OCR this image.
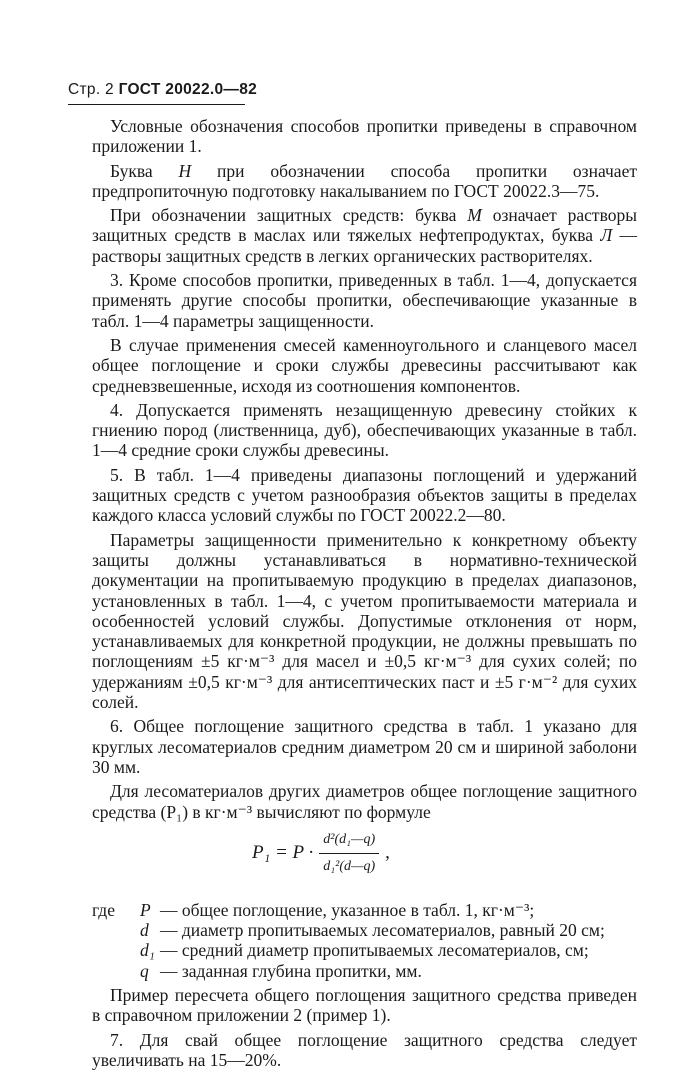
Стр. 2 ГОСТ 20022.0—82

Условные обозначения способов пропитки приведены в справочном приложении 1.

Буква Н при обозначении способа пропитки означает предпропиточную подготовку накалыванием по ГОСТ 20022.3—75.

При обозначении защитных средств: буква М означает растворы защитных средств в маслах или тяжелых нефтепродуктах, буква Л — растворы защитных средств в легких органических растворителях.

3. Кроме способов пропитки, приведенных в табл. 1—4, допускается применять другие способы пропитки, обеспечивающие указанные в табл. 1—4 параметры защищенности.

В случае применения смесей каменноугольного и сланцевого масел общее поглощение и сроки службы древесины рассчитывают как средневзвешенные, исходя из соотношения компонентов.

4. Допускается применять незащищенную древесину стойких к гниению пород (лиственница, дуб), обеспечивающих указанные в табл. 1—4 средние сроки службы древесины.

5. В табл. 1—4 приведены диапазоны поглощений и удержаний защитных средств с учетом разнообразия объектов защиты в пределах каждого класса условий службы по ГОСТ 20022.2—80.

Параметры защищенности применительно к конкретному объекту защиты должны устанавливаться в нормативно-технической документации на пропитываемую продукцию в пределах диапазонов, установленных в табл. 1—4, с учетом пропитываемости материала и особенностей условий службы. Допустимые отклонения от норм, устанавливаемых для конкретной продукции, не должны превышать по поглощениям ±5 кг·м⁻³ для масел и ±0,5 кг·м⁻³ для сухих солей; по удержаниям ±0,5 кг·м⁻³ для антисептических паст и ±5 г·м⁻² для сухих солей.

6. Общее поглощение защитного средства в табл. 1 указано для круглых лесоматериалов средним диаметром 20 см и шириной заболони 30 мм.

Для лесоматериалов других диаметров общее поглощение защитного средства (P₁) в кг·м⁻³ вычисляют по формуле

$P_1 = P \cdot \frac{\text{d²(d₁—q)}}{\text{d₁²(d—q)}}$ ,
где	P — общее поглощение, указанное в табл. 1, кг·м⁻³;
d — диаметр пропитываемых лесоматериалов, равный 20 см;
d₁ — средний диаметр пропитываемых лесоматериалов, см;
q — заданная глубина пропитки, мм.

Пример пересчета общего поглощения защитного средства приведен в справочном приложении 2 (пример 1).

7. Для свай общее поглощение защитного средства следует увеличивать на 15—20%.
